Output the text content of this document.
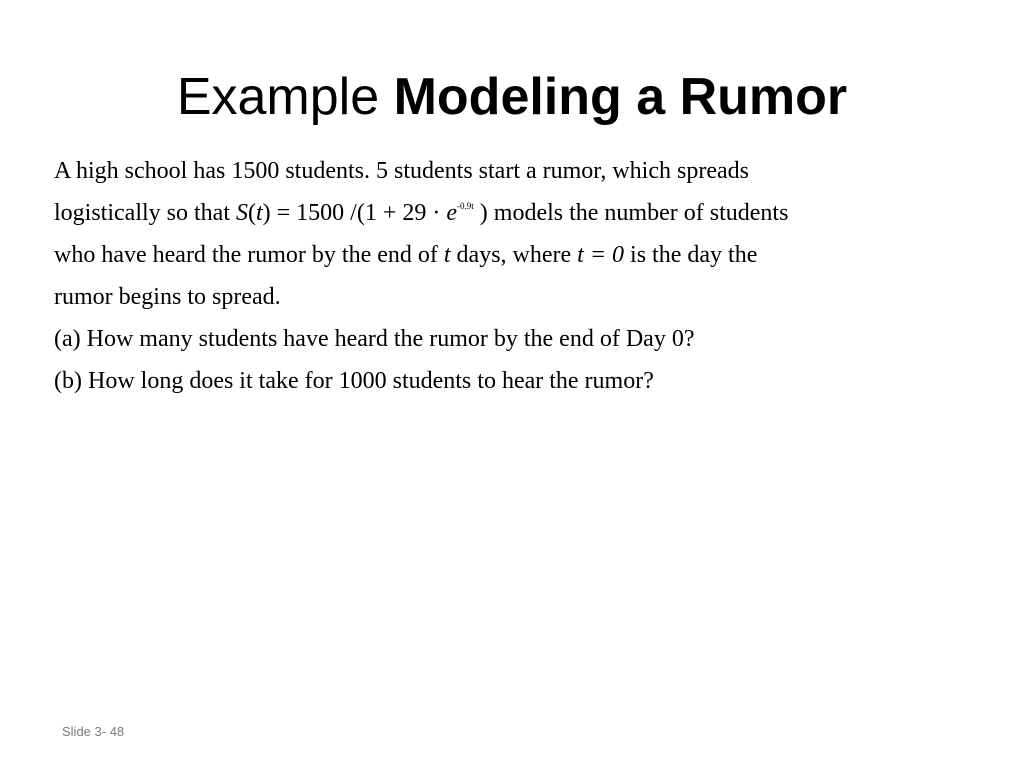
Example Modeling a Rumor
A high school has 1500 students. 5 students start a rumor, which spreads
logistically so that S(t) = 1500 $/(1 + 29 \cdot e^{-0.9t}$ ) models the number of students
who have heard the rumor by the end of t days, where t = 0 is the day the
rumor begins to spread.
(a) How many students have heard the rumor by the end of Day 0?
(b) How long does it take for 1000 students to hear the rumor?
Slide 3- 48
